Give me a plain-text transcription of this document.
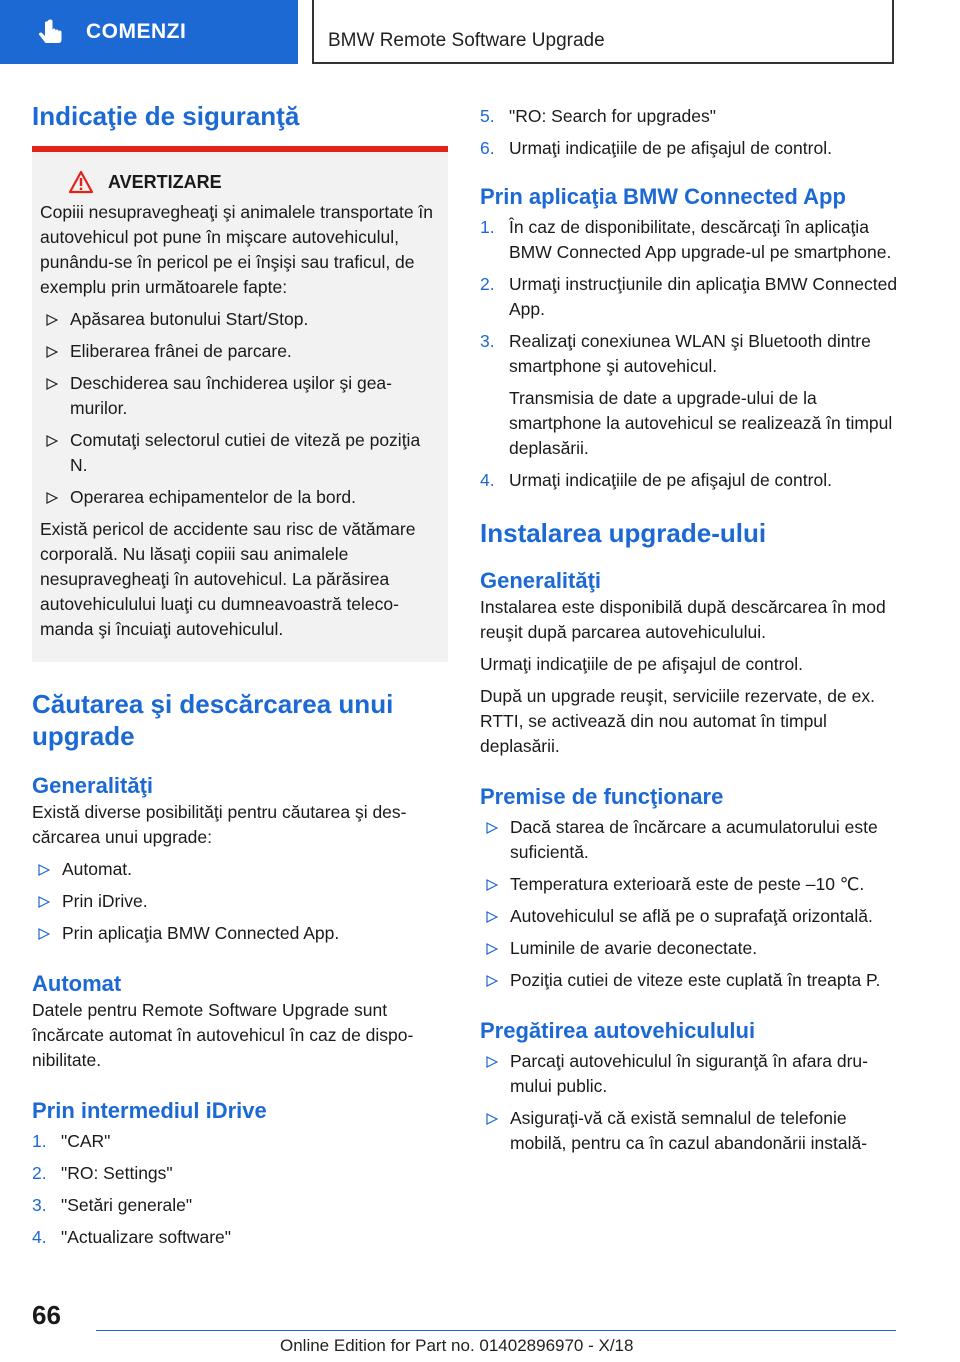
COMENZI	BMW Remote Software Upgrade
Indicaţie de siguranţă
AVERTIZARE

Copiii nesupravegheaţi şi animalele transportate în autovehicul pot pune în mişcare autovehiculul, punându-se în pericol pe ei înşişi sau traficul, de exemplu prin următoarele fapte:

Apăsarea butonului Start/Stop.
Eliberarea frânei de parcare.
Deschiderea sau închiderea uşilor şi geamurilor.
Comutaţi selectorul cutiei de viteză pe poziţia N.
Operarea echipamentelor de la bord.

Există pericol de accidente sau risc de vătămare corporală. Nu lăsaţi copiii sau animalele nesupravegheaţi în autovehicul. La părăsirea autovehiculului luaţi cu dumneavoastră telecomanda şi încuiaţi autovehiculul.

Căutarea şi descărcarea unui upgrade
Generalităţi

Există diverse posibilităţi pentru căutarea şi descărcarea unui upgrade:

Automat.
Prin iDrive.
Prin aplicaţia BMW Connected App.
Automat

Datele pentru Remote Software Upgrade sunt încărcate automat în autovehicul în caz de disponibilitate.

Prin intermediul iDrive
1. "CAR"
2. "RO: Settings"
3. "Setări generale"
4. "Actualizare software"
5. "RO: Search for upgrades"
6. Urmaţi indicaţiile de pe afişajul de control.
Prin aplicaţia BMW Connected App
1. În caz de disponibilitate, descărcaţi în aplicaţia BMW Connected App upgrade-ul pe smartphone.
2. Urmaţi instrucţiunile din aplicaţia BMW Connected App.
3. Realizaţi conexiunea WLAN şi Bluetooth dintre smartphone şi autovehicul.

Transmisia de date a upgrade-ului de la smartphone la autovehicul se realizează în timpul deplasării.

4. Urmaţi indicaţiile de pe afişajul de control.
Instalarea upgrade-ului
Generalităţi

Instalarea este disponibilă după descărcarea în mod reuşit după parcarea autovehiculului.

Urmaţi indicaţiile de pe afişajul de control.

După un upgrade reuşit, serviciile rezervate, de ex. RTTI, se activează din nou automat în timpul deplasării.

Premise de funcţionare
Dacă starea de încărcare a acumulatorului este suficientă.
Temperatura exterioară este de peste –10 ℃.
Autovehiculul se află pe o suprafaţă orizontală.
Luminile de avarie deconectate.
Poziţia cutiei de viteze este cuplată în treapta P.
Pregătirea autovehiculului
Parcaţi autovehiculul în siguranţă în afara drumului public.
Asiguraţi-vă că există semnalul de telefonie mobilă, pentru ca în cazul abandonării instală-
66
Online Edition for Part no. 01402896970 - X/18
